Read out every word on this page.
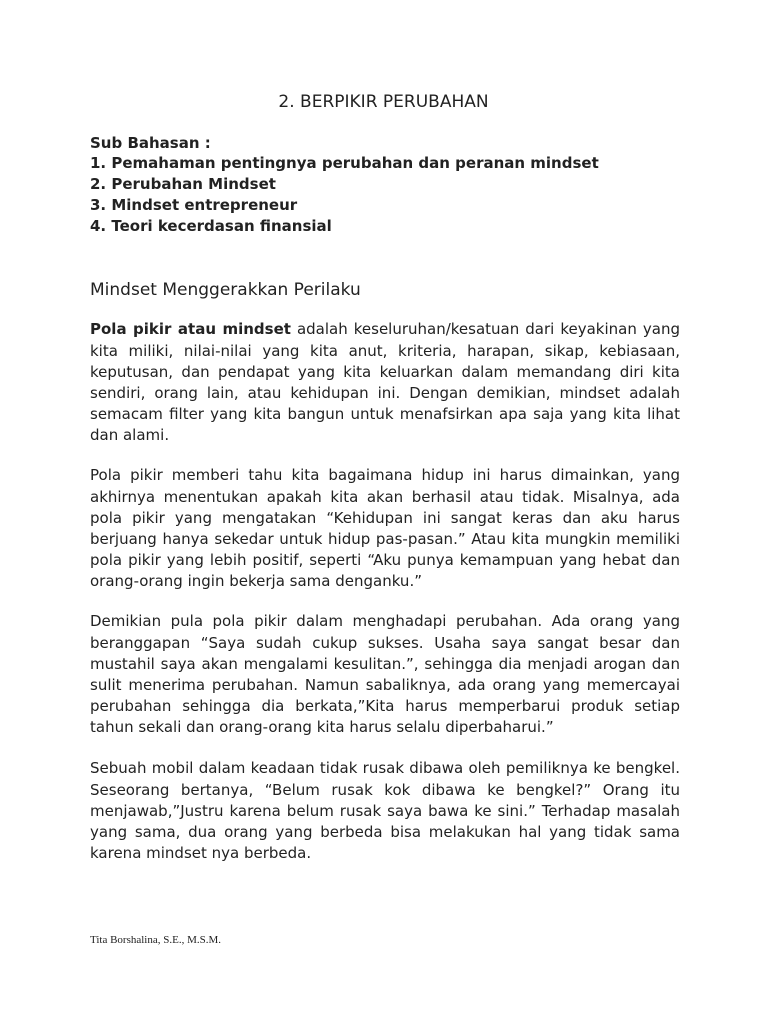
2. BERPIKIR PERUBAHAN
Sub Bahasan :
1. Pemahaman pentingnya perubahan dan peranan mindset
2. Perubahan Mindset
3. Mindset entrepreneur
4. Teori kecerdasan finansial
Mindset Menggerakkan Perilaku
Pola pikir atau mindset adalah keseluruhan/kesatuan dari keyakinan yang
kita miliki, nilai-nilai yang kita anut, kriteria, harapan, sikap, kebiasaan,
keputusan, dan pendapat yang kita keluarkan dalam memandang diri kita
sendiri, orang lain, atau kehidupan ini. Dengan demikian, mindset adalah
semacam filter yang kita bangun untuk menafsirkan apa saja yang kita lihat
dan alami.
Pola pikir memberi tahu kita bagaimana hidup ini harus dimainkan, yang
akhirnya menentukan apakah kita akan berhasil atau tidak. Misalnya, ada
pola pikir yang mengatakan “Kehidupan ini sangat keras dan aku harus
berjuang hanya sekedar untuk hidup pas-pasan.” Atau kita mungkin memiliki
pola pikir yang lebih positif, seperti “Aku punya kemampuan yang hebat dan
orang-orang ingin bekerja sama denganku.”
Demikian pula pola pikir dalam menghadapi perubahan. Ada orang yang
beranggapan “Saya sudah cukup sukses. Usaha saya sangat besar dan
mustahil saya akan mengalami kesulitan.”, sehingga dia menjadi arogan dan
sulit menerima perubahan. Namun sabaliknya, ada orang yang memercayai
perubahan sehingga dia berkata,”Kita harus memperbarui produk setiap
tahun sekali dan orang-orang kita harus selalu diperbaharui.”
Sebuah mobil dalam keadaan tidak rusak dibawa oleh pemiliknya ke bengkel.
Seseorang bertanya, “Belum rusak kok dibawa ke bengkel?” Orang itu
menjawab,”Justru karena belum rusak saya bawa ke sini.” Terhadap masalah
yang sama, dua orang yang berbeda bisa melakukan hal yang tidak sama
karena mindset nya berbeda.
Tita Borshalina, S.E., M.S.M.
